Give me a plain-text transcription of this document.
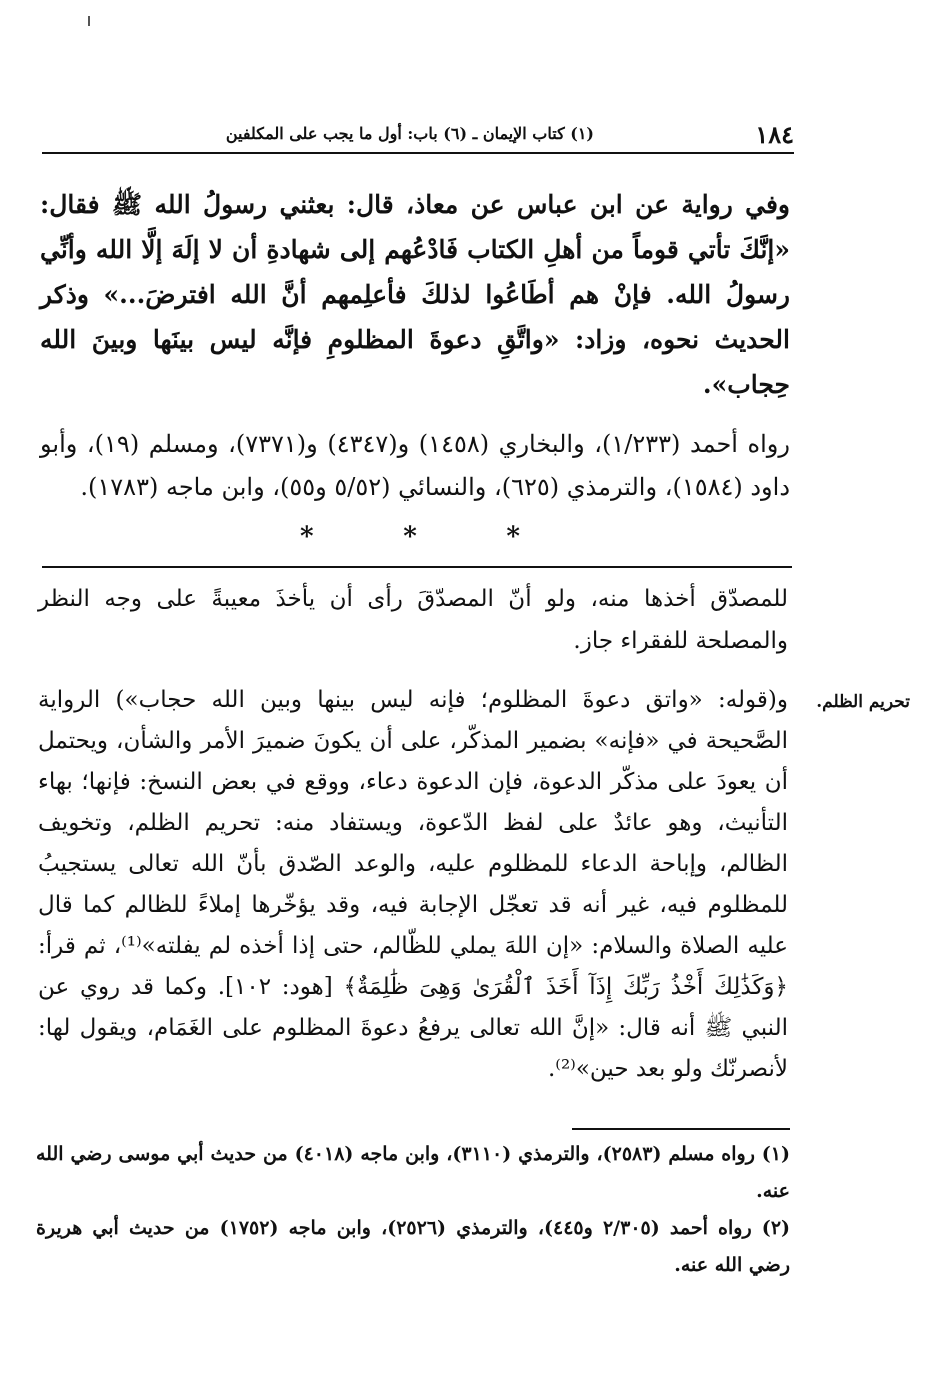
١٨٤
(١) كتاب الإيمان ـ (٦) باب: أول ما يجب على المكلفين

وفي رواية عن ابن عباس عن معاذ، قال: بعثني رسولُ الله ﷺ فقال: «إنَّكَ تأتي قوماً من أهلِ الكتاب فَادْعُهم إلى شهادةِ أن لا إلَهَ إلَّا الله وأنِّي رسولُ الله. فإنْ هم أطَاعُوا لذلكَ فأعلِمهم أنَّ الله افترضَ...» وذكر الحديث نحوه، وزاد: «واتَّقِ دعوةَ المظلومِ فإنَّه ليس بينَها وبينَ الله حِجاب».

رواه أحمد (١/٢٣٣)، والبخاري (١٤٥٨) و(٤٣٤٧) و(٧٣٧١)، ومسلم (١٩)، وأبو داود (١٥٨٤)، والترمذي (٦٢٥)، والنسائي (٥/٥٢ و٥٥)، وابن ماجه (١٧٨٣).

*	*	*

للمصدّق أخذها منه، ولو أنّ المصدّقَ رأى أن يأخذَ معيبةً على وجه النظر والمصلحة للفقراء جاز.

و(قوله: «واتق دعوةَ المظلوم؛ فإنه ليس بينها وبين الله حجاب») الرواية الصَّحيحة في «فإنه» بضمير المذكّر، على أن يكونَ ضميرَ الأمر والشأن، ويحتمل أن يعودَ على مذكّر الدعوة، فإن الدعوة دعاء، ووقع في بعض النسخ: فإنها؛ بهاء التأنيث، وهو عائدٌ على لفظ الدّعوة، ويستفاد منه: تحريم الظلم، وتخويف الظالم، وإباحة الدعاء للمظلوم عليه، والوعد الصّدق بأنّ الله تعالى يستجيبُ للمظلوم فيه، غير أنه قد تعجّل الإجابة فيه، وقد يؤخّرها إملاءً للظالم كما قال عليه الصلاة والسلام: «إن اللهَ يملي للظّالم، حتى إذا أخذه لم يفلته»⁽¹⁾، ثم قرأ: ﴿وَكَذَٰلِكَ أَخْذُ رَبِّكَ إِذَآ أَخَذَ ٱلْقُرَىٰ وَهِىَ ظَٰلِمَةٌ﴾ [هود: ١٠٢]. وكما قد روي عن النبي ﷺ أنه قال: «إنَّ الله تعالى يرفعُ دعوةَ المظلوم على الغَمَام، ويقول لها: لأنصرنّك ولو بعد حين»⁽²⁾.

تحريم الظلم.

(١) رواه مسلم (٢٥٨٣)، والترمذي (٣١١٠)، وابن ماجه (٤٠١٨) من حديث أبي موسى رضي الله عنه.

(٢) رواه أحمد (٢/٣٠٥ و٤٤٥)، والترمذي (٢٥٢٦)، وابن ماجه (١٧٥٢) من حديث أبي هريرة رضي الله عنه.
